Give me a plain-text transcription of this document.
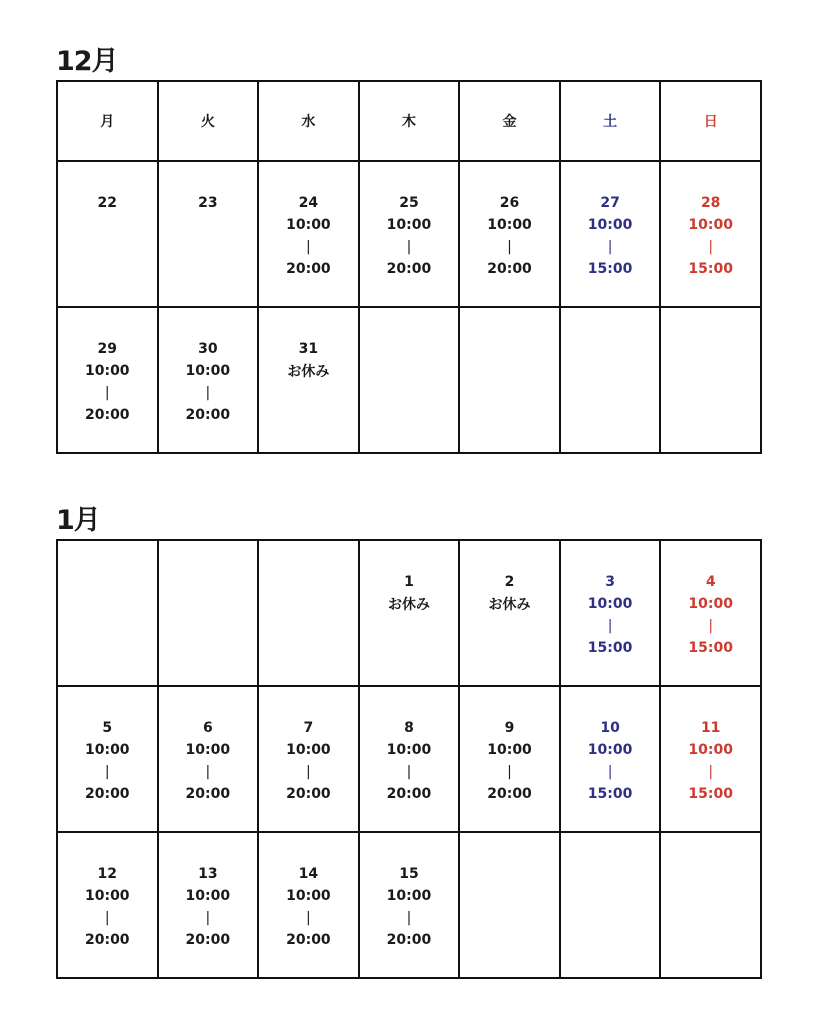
12月
月	火	水	木	金	土	日

22	23	24
10:00
|
20:00	25
10:00
|
20:00	26
10:00
|
20:00	27
10:00
|
15:00	28
10:00
|
15:00

29
10:00
|
20:00	30
10:00
|
20:00	31
お休み				

1月

			1
お休み	2
お休み	3
10:00
|
15:00	4
10:00
|
15:00

5
10:00
|
20:00	6
10:00
|
20:00	7
10:00
|
20:00	8
10:00
|
20:00	9
10:00
|
20:00	10
10:00
|
15:00	11
10:00
|
15:00

12
10:00
|
20:00	13
10:00
|
20:00	14
10:00
|
20:00	15
10:00
|
20:00			
